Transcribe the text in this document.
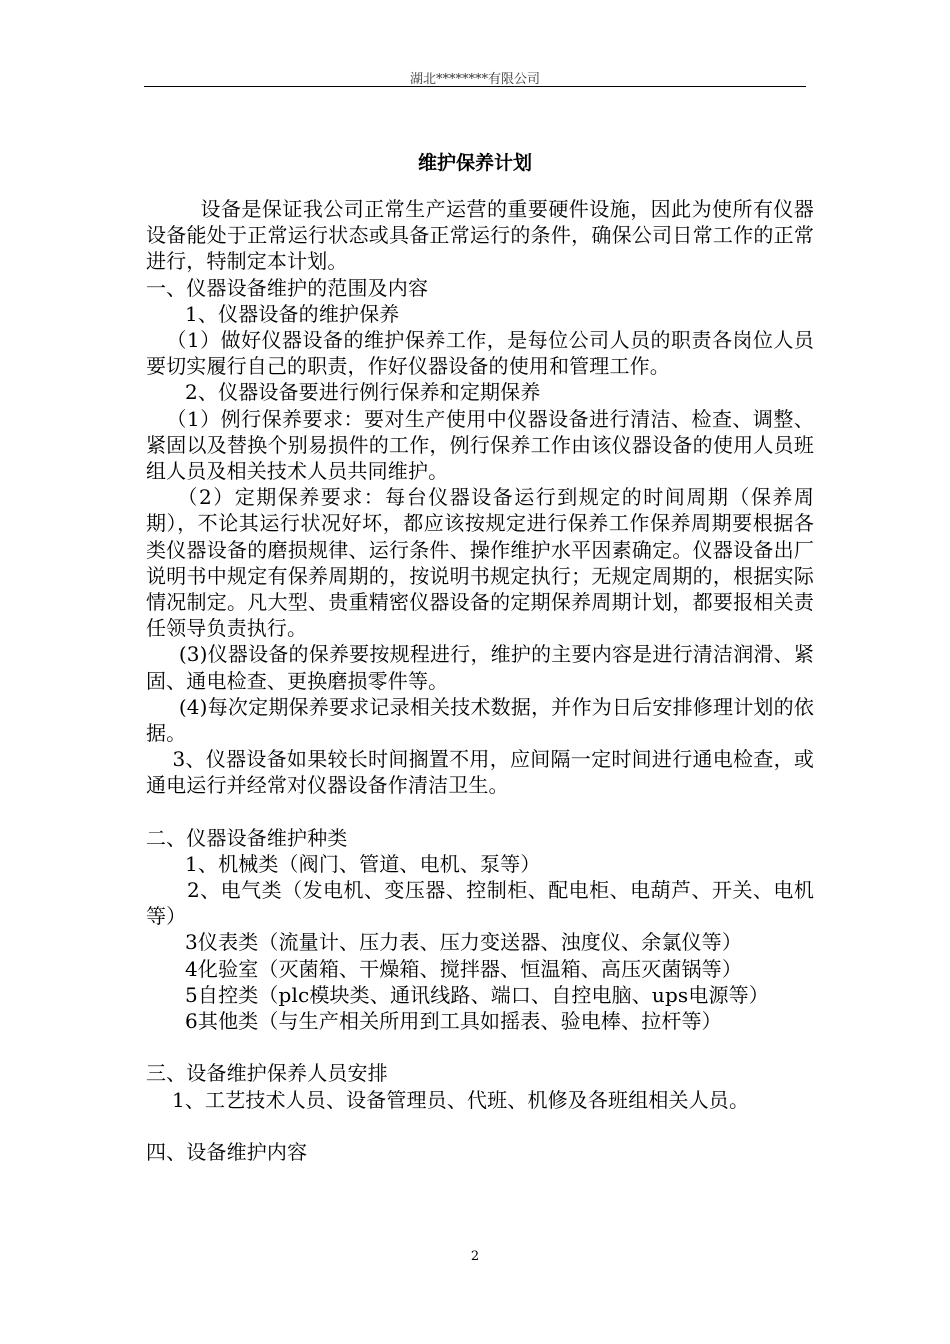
湖北********有限公司
维护保养计划

设备是保证我公司正常生产运营的重要硬件设施，因此为使所有仪器设备能处于正常运行状态或具备正常运行的条件，确保公司日常工作的正常进行，特制定本计划。

一、仪器设备维护的范围及内容

1、仪器设备的维护保养

（1）做好仪器设备的维护保养工作，是每位公司人员的职责各岗位人员要切实履行自己的职责，作好仪器设备的使用和管理工作。

2、仪器设备要进行例行保养和定期保养

（1）例行保养要求：要对生产使用中仪器设备进行清洁、检查、调整、紧固以及替换个别易损件的工作，例行保养工作由该仪器设备的使用人员班组人员及相关技术人员共同维护。

（2）定期保养要求：每台仪器设备运行到规定的时间周期（保养周期），不论其运行状况好坏，都应该按规定进行保养工作保养周期要根据各类仪器设备的磨损规律、运行条件、操作维护水平因素确定。仪器设备出厂说明书中规定有保养周期的，按说明书规定执行；无规定周期的，根据实际情况制定。凡大型、贵重精密仪器设备的定期保养周期计划，都要报相关责任领导负责执行。

(3)仪器设备的保养要按规程进行，维护的主要内容是进行清洁润滑、紧固、通电检查、更换磨损零件等。

(4)每次定期保养要求记录相关技术数据，并作为日后安排修理计划的依据。

3、仪器设备如果较长时间搁置不用，应间隔一定时间进行通电检查，或通电运行并经常对仪器设备作清洁卫生。

二、仪器设备维护种类

1、机械类（阀门、管道、电机、泵等）

2、电气类（发电机、变压器、控制柜、配电柜、电葫芦、开关、电机等）

3仪表类（流量计、压力表、压力变送器、浊度仪、余氯仪等）

4化验室（灭菌箱、干燥箱、搅拌器、恒温箱、高压灭菌锅等）

5自控类（plc模块类、通讯线路、端口、自控电脑、ups电源等）

6其他类（与生产相关所用到工具如摇表、验电棒、拉杆等）

三、设备维护保养人员安排

1、工艺技术人员、设备管理员、代班、机修及各班组相关人员。

四、设备维护内容

2
